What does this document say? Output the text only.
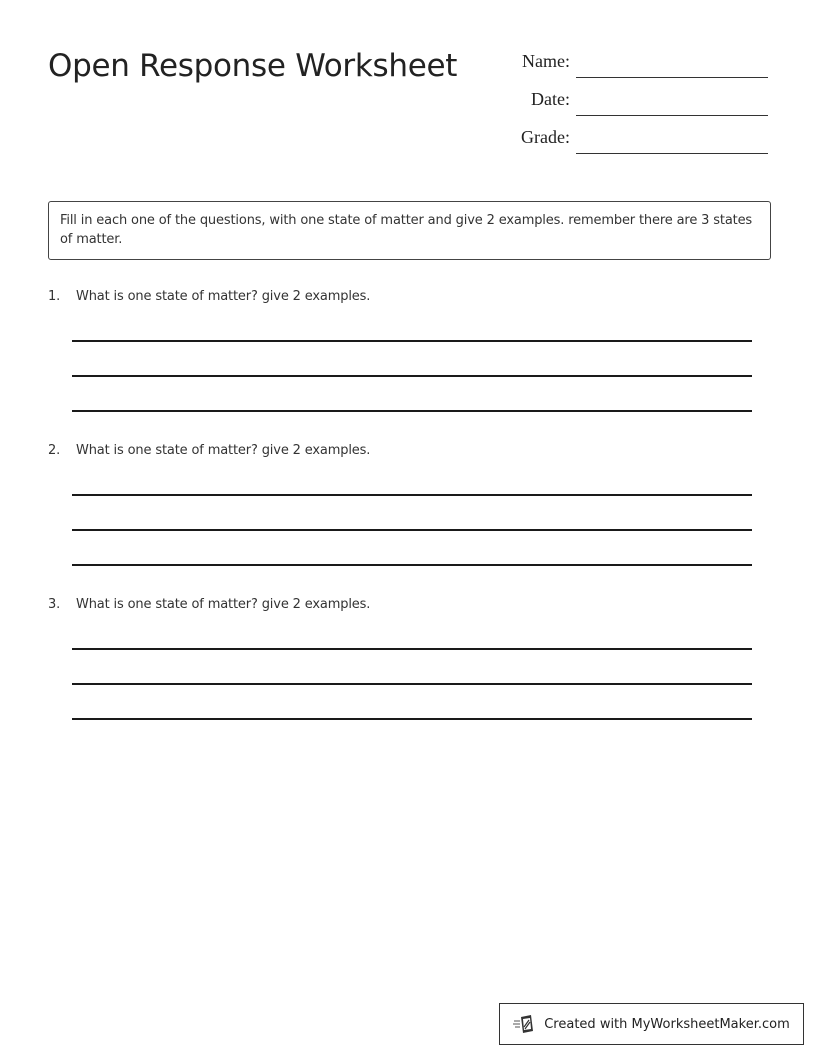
Open Response Worksheet	Name:
Date:
Grade:
Fill in each one of the questions, with one state of matter and give 2 examples. remember there are 3 states of matter.
1.	What is one state of matter? give 2 examples.
2.	What is one state of matter? give 2 examples.
3.	What is one state of matter? give 2 examples.
Created with MyWorksheetMaker.com
